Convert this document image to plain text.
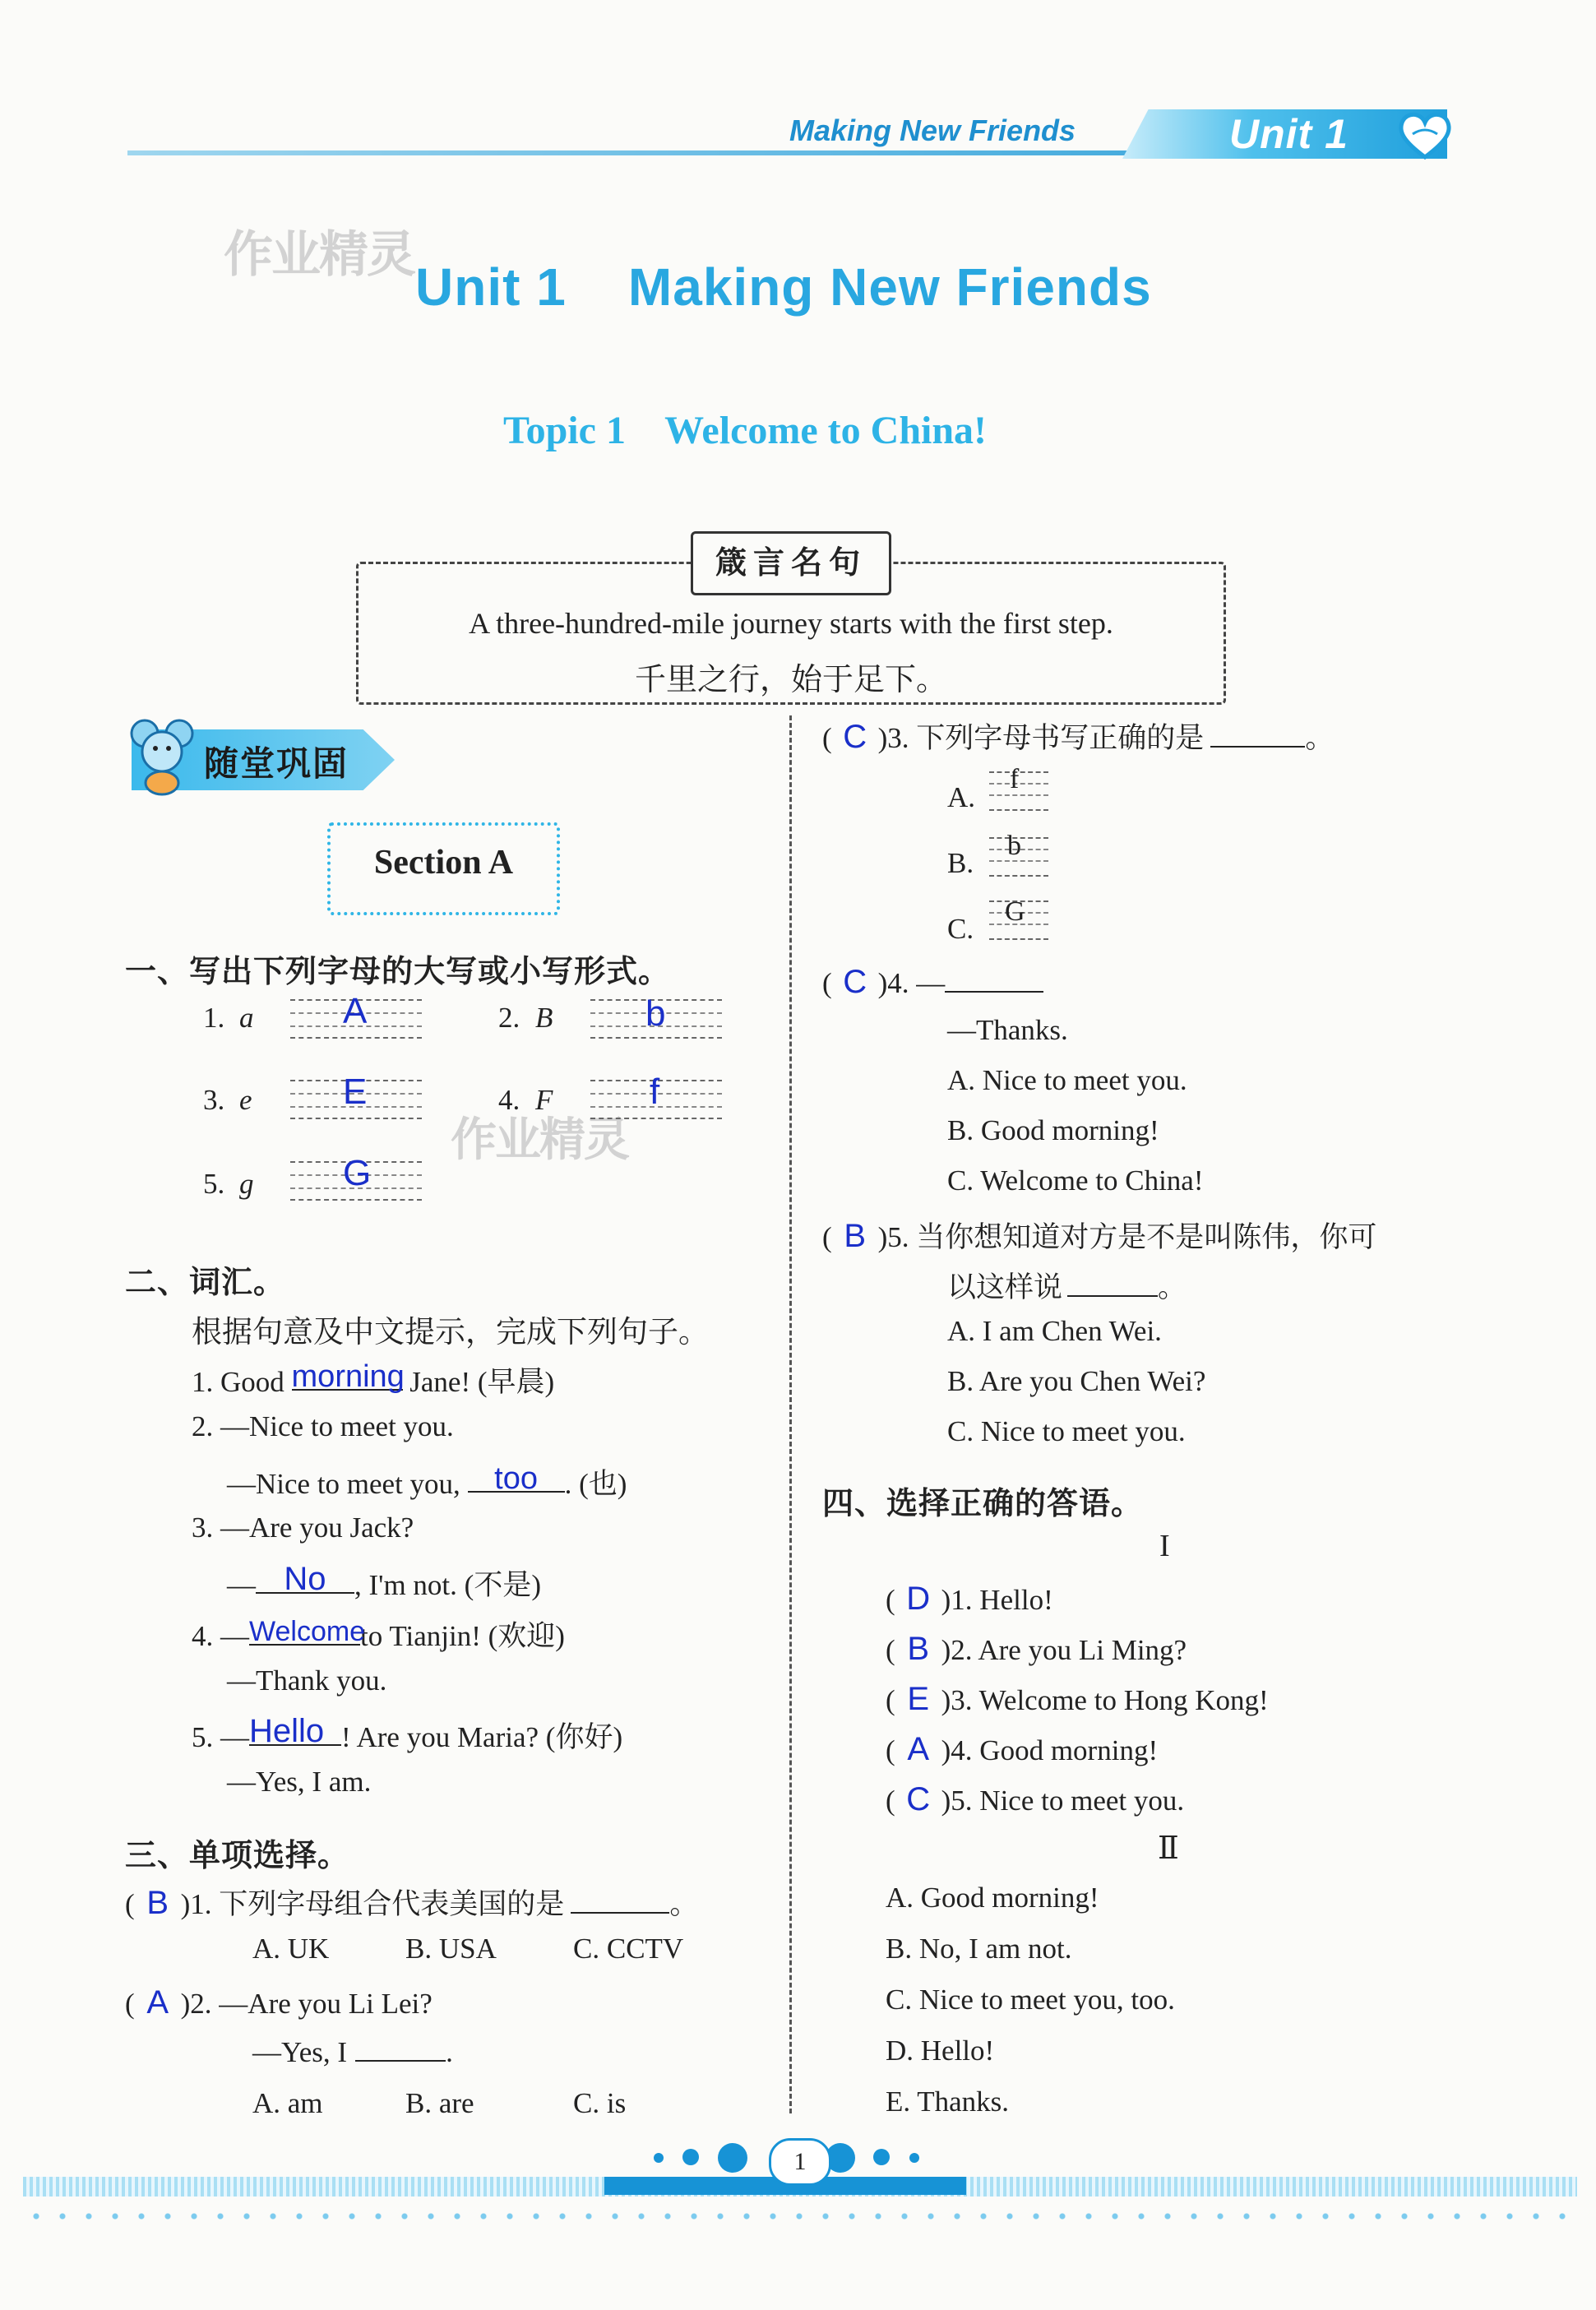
Making New Friends	Unit 1
作业精灵
作业精灵
Unit 1    Making New Friends
Topic 1    Welcome to China!
箴言名句
A three-hundred-mile journey starts with the first step.
千里之行，始于足下。
随堂巩固
Section A
一、写出下列字母的大写或小写形式。
1. a A	2. B	b
3. e	E	4. F	f
5. g G
二、词汇。
根据句意及中文提示，完成下列句子。
1. Good morning Jane! (早晨)
2. —Nice to meet you.
—Nice to meet you, too . (也)
3. —Are you Jack?
— No , I'm not. (不是)
4. —Welcometo Tianjin! (欢迎)
—Thank you.
5. —Hello ! Are you Maria? (你好)
—Yes, I am.
三、单项选择。
( B )1. 下列字母组合代表美国的是	。
A. UK	B. USA	C. CCTV
( A )2. —Are you Li Lei?
—Yes, I	.
A. am	B. are	C. is
( C )3. 下列字母书写正确的是	。
A.
f
B.
b
C.
G
( C )4. —
—Thanks.
A. Nice to meet you.
B. Good morning!
C. Welcome to China!
( B )5. 当你想知道对方是不是叫陈伟，你可
以这样说	。
A. I am Chen Wei.
B. Are you Chen Wei?
C. Nice to meet you.
四、选择正确的答语。
I
( D )1. Hello!
( B )2. Are you Li Ming?
( E )3. Welcome to Hong Kong!
( A )4. Good morning!
( C )5. Nice to meet you.
Ⅱ
A. Good morning!
B. No, I am not.
C. Nice to meet you, too.
D. Hello!
E. Thanks.
1
